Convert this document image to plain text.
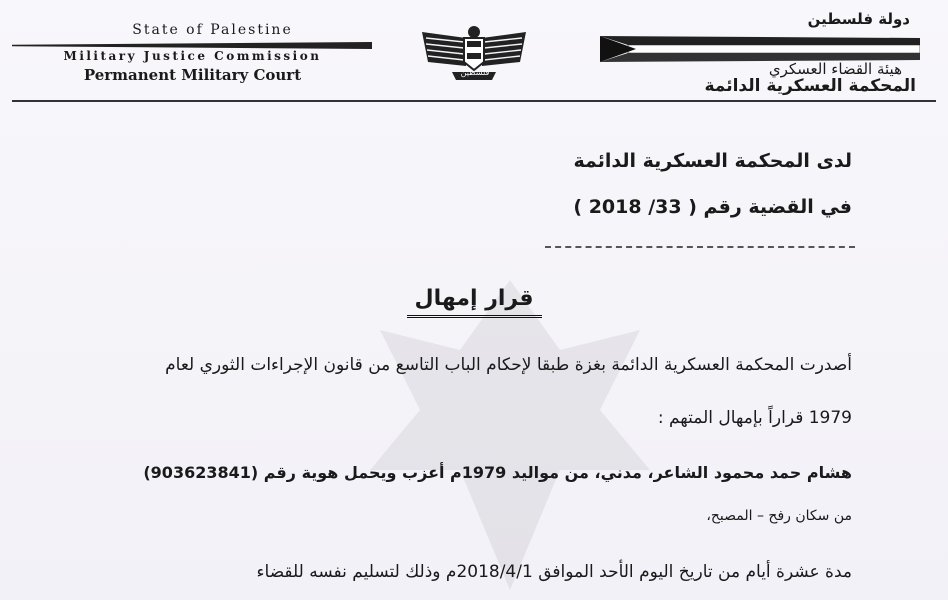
State of Palestine
Military Justice Commission
Permanent Military Court	فلسطين
دولة فلسطين
هيئة القضاء العسكري
المحكمة العسكرية الدائمة
لدى المحكمة العسكرية الدائمة
في القضية رقم ( 33/ 2018 )
قرار إمهال
أصدرت المحكمة العسكرية الدائمة بغزة طبقا لإحكام الباب التاسع من قانون الإجراءات الثوري لعام
1979 قراراً بإمهال المتهم :
هشام حمد محمود الشاعر، مدني، من مواليد 1979م أعزب ويحمل هوية رقم (903623841)
من سكان رفح – المصبح،
مدة عشرة أيام من تاريخ اليوم الأحد الموافق 2018/4/1م وذلك لتسليم نفسه للقضاء
